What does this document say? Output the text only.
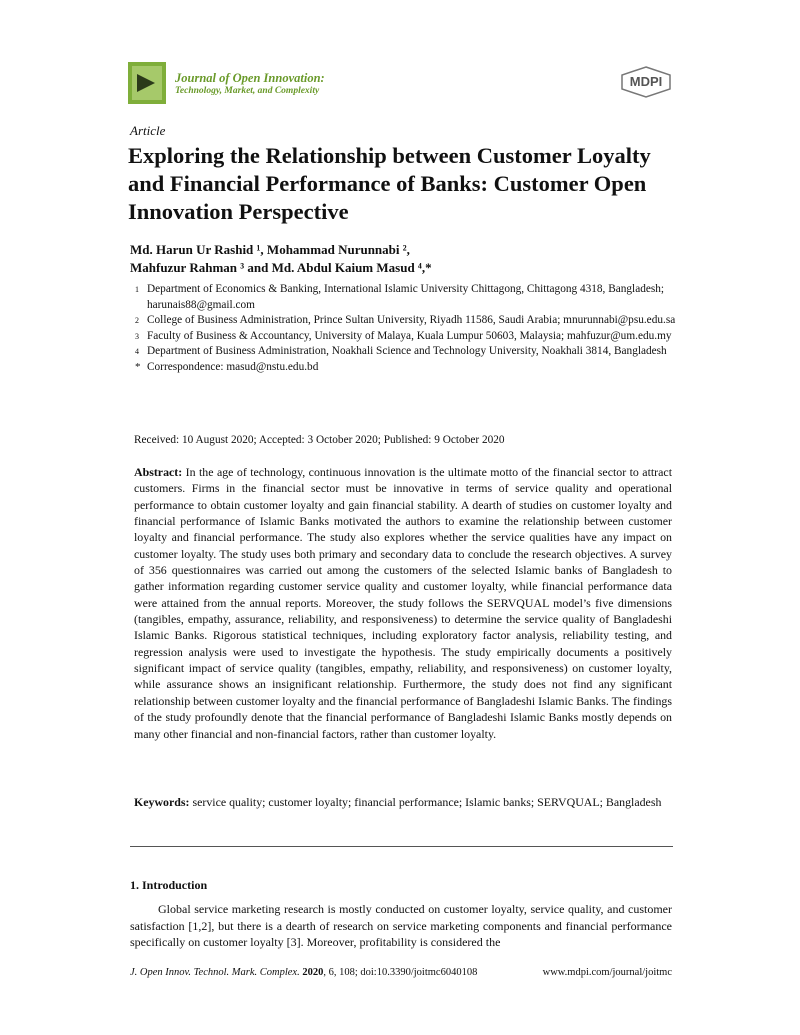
Journal of Open Innovation:
Technology, Market, and Complexity
MDPI
Article
Exploring the Relationship between Customer Loyalty and Financial Performance of Banks: Customer Open Innovation Perspective
Md. Harun Ur Rashid ¹, Mohammad Nurunnabi ²,
Mahfuzur Rahman ³ and Md. Abdul Kaium Masud ⁴,*
1 Department of Economics & Banking, International Islamic University Chittagong, Chittagong 4318, Bangladesh; harunais88@gmail.com
2 College of Business Administration, Prince Sultan University, Riyadh 11586, Saudi Arabia; mnurunnabi@psu.edu.sa
3 Faculty of Business & Accountancy, University of Malaya, Kuala Lumpur 50603, Malaysia; mahfuzur@um.edu.my
4 Department of Business Administration, Noakhali Science and Technology University, Noakhali 3814, Bangladesh
* Correspondence: masud@nstu.edu.bd
Received: 10 August 2020; Accepted: 3 October 2020; Published: 9 October 2020
Abstract: In the age of technology, continuous innovation is the ultimate motto of the financial sector to attract customers. Firms in the financial sector must be innovative in terms of service quality and operational performance to obtain customer loyalty and gain financial stability. A dearth of studies on customer loyalty and financial performance of Islamic Banks motivated the authors to examine the relationship between customer loyalty and financial performance. The study also explores whether the service qualities have any impact on customer loyalty. The study uses both primary and secondary data to conclude the research objectives. A survey of 356 questionnaires was carried out among the customers of the selected Islamic banks of Bangladesh to gather information regarding customer service quality and customer loyalty, while financial performance data were attained from the annual reports. Moreover, the study follows the SERVQUAL model’s five dimensions (tangibles, empathy, assurance, reliability, and responsiveness) to determine the service quality of Bangladeshi Islamic Banks. Rigorous statistical techniques, including exploratory factor analysis, reliability testing, and regression analysis were used to investigate the hypothesis. The study empirically documents a positively significant impact of service quality (tangibles, empathy, reliability, and responsiveness) on customer loyalty, while assurance shows an insignificant relationship. Furthermore, the study does not find any significant relationship between customer loyalty and the financial performance of Bangladeshi Islamic Banks. The findings of the study profoundly denote that the financial performance of Bangladeshi Islamic Banks mostly depends on many other financial and non-financial factors, rather than customer loyalty.
Keywords: service quality; customer loyalty; financial performance; Islamic banks; SERVQUAL; Bangladesh
1. Introduction
Global service marketing research is mostly conducted on customer loyalty, service quality, and customer satisfaction [1,2], but there is a dearth of research on service marketing components and financial performance specifically on customer loyalty [3]. Moreover, profitability is considered the
J. Open Innov. Technol. Mark. Complex. 2020, 6, 108; doi:10.3390/joitmc6040108	www.mdpi.com/journal/joitmc
